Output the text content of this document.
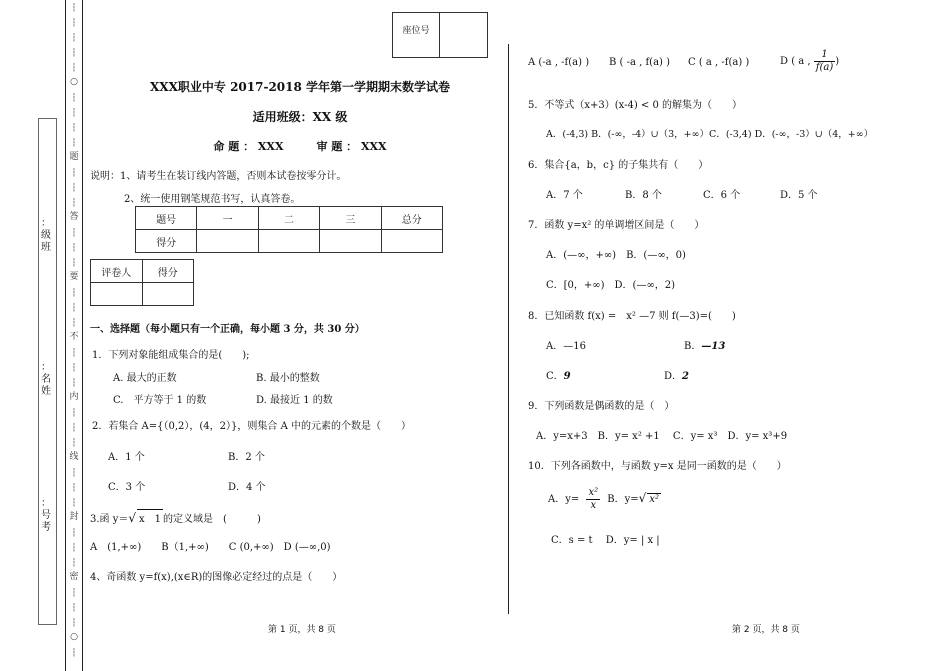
┆
┆
┆
┆
┆
○
┆
┆
┆
┆
题
┆
┆
┆
答
┆
┆
┆
要
┆
┆
┆
不
┆
┆
┆
内
┆
┆
┆
线
┆
┆
┆
封
┆
┆
┆
密
┆
┆
┆
○
┆
：级班
：名姓
：号考
座位号
XXX职业中专 2017-2018 学年第一学期期末数学试卷
适用班级：XX 级
命 题 ： XXX　　　审 题 ： XXX
说明：1、请考生在装订线内答题，否则本试卷按零分计。
2、统一使用钢笔规范书写，认真答卷。
题号	一	二	三	总分
得分				
评卷人	得分

一、选择题（每小题只有一个正确，每小题 3 分，共 30 分）
1．下列对象能组成集合的是(　　);
A. 最大的正数	B. 最小的整数
C.　平方等于 1 的数	D. 最接近 1 的数
2．若集合 A={（0,2），(4，2）}，则集合 A 中的元素的个数是（　　）
A．1 个	B．2 个
C．3 个	D．4 个
3.函 y＝√ x　1 的定义域是　(　　　)
A　(1,+∞)　　B（1,+∞)　　C (0,+∞)　D (—∞,0)
4、奇函数 y=f(x),(x∈R)的图像必定经过的点是（　　）
A (-a , -f(a) ) B ( -a , f(a) ) C ( a , -f(a) )	D ( a , $\frac{1}{f(a)}$ )
5．不等式（x+3）(x-4) < 0 的解集为（　　）
A．(-4,3) B．(-∞，-4）∪（3，+∞）C．(-3,4) D．(-∞，-3）∪（4，+∞）
6．集合{a，b，c} 的子集共有（　　）
A．7 个	B．8 个	C．6 个	D．5 个
7．函数 y=x² 的单调增区间是（　　）
A．(—∞，+∞)　B．(—∞，0)
C．[0，+∞)　D．(—∞，2)
8．已知函数 f(x) =　x² —7 则 f(—3)=(　　)
A．—16	B．—13
C．9	D．2
9．下列函数是偶函数的是（　）
A．y=x+3　B．y= x² +1　 C．y= x³　D．y= x³+9
10．下列各函数中，与函数 y=x 是同一函数的是（　　）
A．$y= \frac{\text{x²}}{x}$ B．y=√ x²
C．s = t　 D．y= | x |
第 1 页，共 8 页	第 2 页，共 8 页
